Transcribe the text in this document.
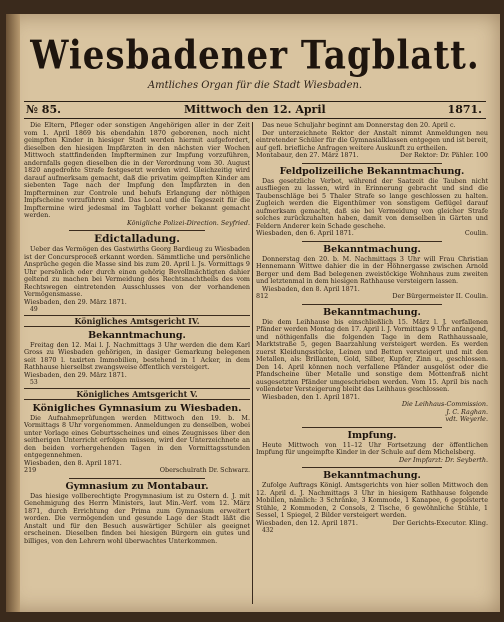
Wiesbadener Tagblatt.
Amtliches Organ für die Stadt Wiesbaden.
№ 85.	Mittwoch den 12. April	1871.

Die Eltern, Pfleger oder sonstigen Angehörigen aller in der Zeit vom 1. April 1869 bis ebendahin 1870 geborenen, noch nicht geimpften Kinder in hiesiger Stadt werden hiermit aufgefordert, dieselben den hiesigen Impfärzten in den nächsten vier Wochen Mittwoch stattfindenden Impfterminen zur Impfung vorzuführen, andernfalls gegen dieselben die in der Verordnung vom 30. August 1820 angedrohte Strafe festgesetzt werden wird. Gleichzeitig wird darauf aufmerksam gemacht, daß die privatim geimpften Kinder am siebenten Tage nach der Impfung den Impfärzten in den Impfterminen zur Controle und behufs Erlangung der nöthigen Impfscheine vorzuführen sind. Das Local und die Tageszeit für die Impftermine wird jedesmal im Tagblatt vorher bekannt gemacht werden.

Königliche Polizei-Direction. Seyfried.

Edictalladung.

Ueber das Vermögen des Gastwirths Georg Bardieug zu Wiesbaden ist der Concursproceß erkannt worden. Sämmtliche und persönliche Ansprüche gegen die Masse sind bis zum 20. April l. Js. Vormittags 9 Uhr persönlich oder durch einen gehörig Bevollmächtigten dahier geltend zu machen bei Vermeidung des Rechtsnachtheils des vom Rechtswegen eintretenden Ausschlusses von der vorhandenen Vermögensmasse.

Wiesbaden, den 29. März 1871.

49

Königliches Amtsgericht IV.
Bekanntmachung.

Freitag den 12. Mai l. J. Nachmittags 3 Uhr werden die dem Karl Gross zu Wiesbaden gehörigen, in dasiger Gemarkung belegenen seit 1870 l. taxirten Immobilien, bestehend in 1 Acker, in dem Rathhause hierselbst zwangsweise öffentlich versteigert.

Wiesbaden, den 29. März 1871.

53

Königliches Amtsgericht V.
Königliches Gymnasium zu Wiesbaden.

Die Aufnahmeprüfungen werden Mittwoch den 19. b. M. Vormittags 8 Uhr vorgenommen. Anmeldungen zu denselben, wobei unter Vorlage eines Geburtsscheines und eines Zeugnisses über den seitherigen Unterricht erfolgen müssen, wird der Unterzeichnete an den beiden vorhergehenden Tagen in den Vormittagsstunden entgegennehmen.

Wiesbaden, den 8. April 1871.
219	Oberschulrath Dr. Schwarz.
Gymnasium zu Montabaur.

Das hiesige vollberechtigte Progymnasium ist zu Ostern d. J. mit Genehmigung des Herrn Ministers, laut Min.-Verf. vom 12. März 1871, durch Errichtung der Prima zum Gymnasium erweitert worden. Die vermögenden und gesunde Lage der Stadt läßt die Anstalt und für den Besuch auswärtiger Schüler als geeignet erscheinen. Dieselben finden bei hiesigen Bürgern ein gutes und billiges, von den Lehrern wohl überwachtes Unterkommen.

Das neue Schuljahr beginnt am Donnerstag den 20. April c.

Der unterzeichnete Rektor der Anstalt nimmt Anmeldungen neu eintretender Schüler für die Gymnasialklassen entgegen und ist bereit, auf gefl. briefliche Anfragen weitere Auskunft zu ertheilen.

Montabaur, den 27. März 1871.	Der Rektor: Dr. Pähler. 100
Feldpolizeiliche Bekanntmachung.

Das gesetzliche Verbot, während der Saatzeit die Tauben nicht ausfliegen zu lassen, wird in Erinnerung gebracht und sind die Taubenschläge bei 5 Thaler Strafe so lange geschlossen zu halten. Zugleich werden die Eigenthümer von sonstigem Geflügel darauf aufmerksam gemacht, daß sie bei Vermeidung von gleicher Strafe solches zurückzuhalten haben, damit von demselben in Gärten und Feldern Anderer kein Schade geschehe.

Wiesbaden, den 6. April 1871.	Coulin.
Bekanntmachung.

Donnerstag den 20. b. M. Nachmittags 3 Uhr will Frau Christian Hennemann Wittwe dahier die in der Höhnergasse zwischen Arnold Berger und dem Bad belegenen zweistöckige Wohnhaus zum zweiten und letztenmal in dem hiesigen Rathhause versteigern lassen.

Wiesbaden, den 8. April 1871.

812	Der Bürgermeister II. Coulin.
Bekanntmachung.

Die dem Leihhause bis einschließlich 15. März l. J. verfallenen Pfänder werden Montag den 17. April l. J. Vormittags 9 Uhr anfangend, und nöthigenfalls die folgenden Tage in dem Rathhaussaale, Marktstraße 5, gegen Baarzahlung versteigert werden. Es werden zuerst Kleidungsstücke, Leinen und Betten versteigert und mit den Metallen, als: Brillanten, Gold, Silber, Kupfer, Zinn u., geschlossen. Den 14. April können noch verfallene Pfänder ausgelöst oder die Pfandscheine über Metalle und sonstige dem Mottenfraß nicht ausgesetzten Pfänder umgeschrieben werden. Vom 15. April bis nach vollendeter Versteigerung bleibt das Leihhaus geschlossen.

Wiesbaden, den 1. April 1871.

Die Leihhaus-Commission.

J. C. Raghan.

vdt. Weyerle.

Impfung.

Heute Mittwoch von 11–12 Uhr Fortsetzung der öffentlichen Impfung für ungeimpfte Kinder in der Schule auf dem Michelsberg.

Der Impfarzt: Dr. Seyberth.

Bekanntmachung.

Zufolge Auftrags Königl. Amtsgerichts von hier sollen Mittwoch den 12. April d. J. Nachmittags 3 Uhr in hiesigem Rathhause folgende Mobilien, nämlich: 3 Schränke, 3 Kommode, 1 Kanapee, 6 gepolsterte Stühle, 2 Kommoden, 2 Consols, 2 Tische, 6 gewöhnliche Stühle, 1 Sessel, 1 Spiegel, 2 Bilder versteigert werden.

Wiesbaden, den 12. April 1871.	Der Gerichts-Executor. Kling.

432
